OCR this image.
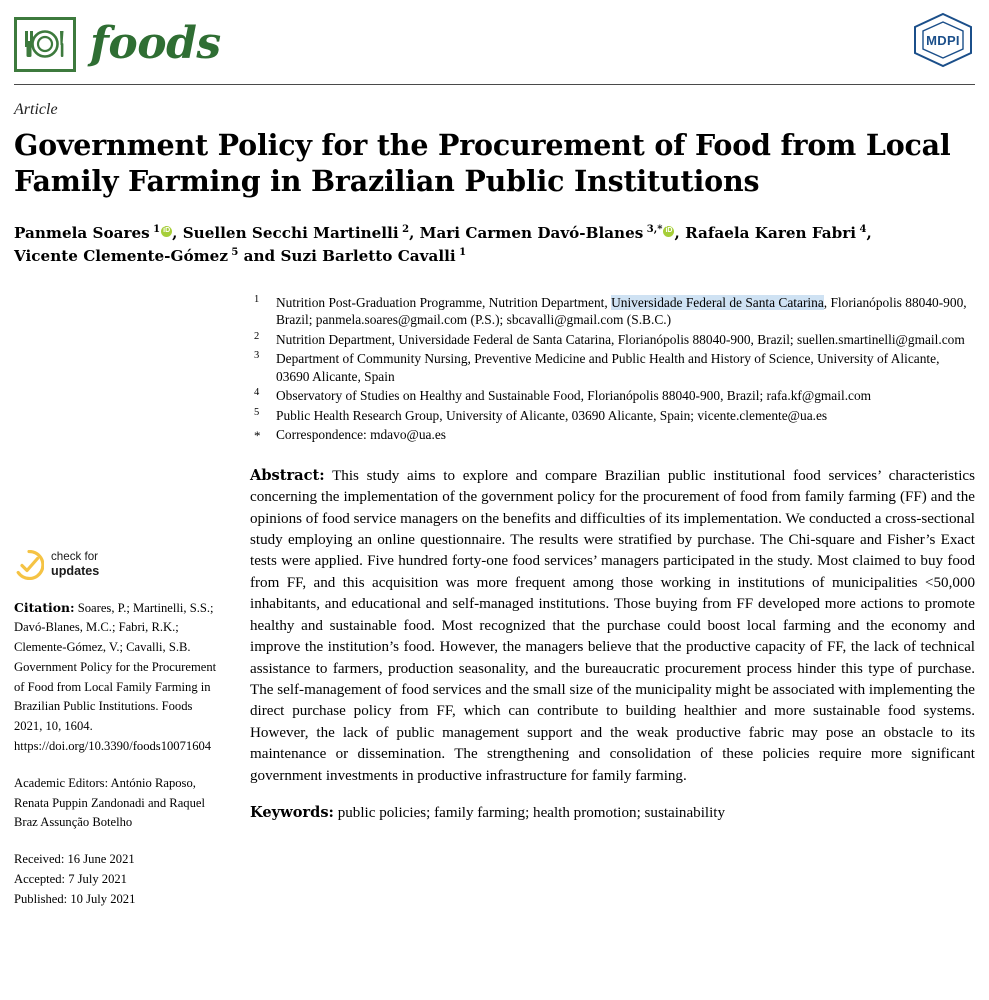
foods	MDPI
Article
Government Policy for the Procurement of Food from Local Family Farming in Brazilian Public Institutions
Panmela Soares $^1$ iD , Suellen Secchi Martinelli $^2$, Mari Carmen Davó-Blanes $^{3,*}$ iD , Rafaela Karen Fabri $^4$,
Vicente Clemente-Gómez $^5$ and Suzi Barletto Cavalli $^1$
check for
updates
Citation: Soares, P.; Martinelli, S.S.; Davó-Blanes, M.C.; Fabri, R.K.; Clemente-Gómez, V.; Cavalli, S.B. Government Policy for the Procurement of Food from Local Family Farming in Brazilian Public Institutions. Foods 2021, 10, 1604. https://doi.org/10.3390/foods10071604
Academic Editors: António Raposo, Renata Puppin Zandonadi and Raquel Braz Assunção Botelho
Received: 16 June 2021
Accepted: 7 July 2021
Published: 10 July 2021
1	Nutrition Post-Graduation Programme, Nutrition Department, Universidade Federal de Santa Catarina, Florianópolis 88040-900, Brazil; panmela.soares@gmail.com (P.S.); sbcavalli@gmail.com (S.B.C.)
2	Nutrition Department, Universidade Federal de Santa Catarina, Florianópolis 88040-900, Brazil; suellen.smartinelli@gmail.com
3	Department of Community Nursing, Preventive Medicine and Public Health and History of Science, University of Alicante, 03690 Alicante, Spain
4	Observatory of Studies on Healthy and Sustainable Food, Florianópolis 88040-900, Brazil; rafa.kf@gmail.com
5	Public Health Research Group, University of Alicante, 03690 Alicante, Spain; vicente.clemente@ua.es
*	Correspondence: mdavo@ua.es

Abstract: This study aims to explore and compare Brazilian public institutional food services’ characteristics concerning the implementation of the government policy for the procurement of food from family farming (FF) and the opinions of food service managers on the benefits and difficulties of its implementation. We conducted a cross-sectional study employing an online questionnaire. The results were stratified by purchase. The Chi-square and Fisher’s Exact tests were applied. Five hundred forty-one food services’ managers participated in the study. Most claimed to buy food from FF, and this acquisition was more frequent among those working in institutions of municipalities <50,000 inhabitants, and educational and self-managed institutions. Those buying from FF developed more actions to promote healthy and sustainable food. Most recognized that the purchase could boost local farming and the economy and improve the institution’s food. However, the managers believe that the productive capacity of FF, the lack of technical assistance to farmers, production seasonality, and the bureaucratic procurement process hinder this type of purchase. The self-management of food services and the small size of the municipality might be associated with implementing the direct purchase policy from FF, which can contribute to building healthier and more sustainable food systems. However, the lack of public management support and the weak productive fabric may pose an obstacle to its maintenance or dissemination. The strengthening and consolidation of these policies require more significant government investments in productive infrastructure for family farming.

Keywords: public policies; family farming; health promotion; sustainability
